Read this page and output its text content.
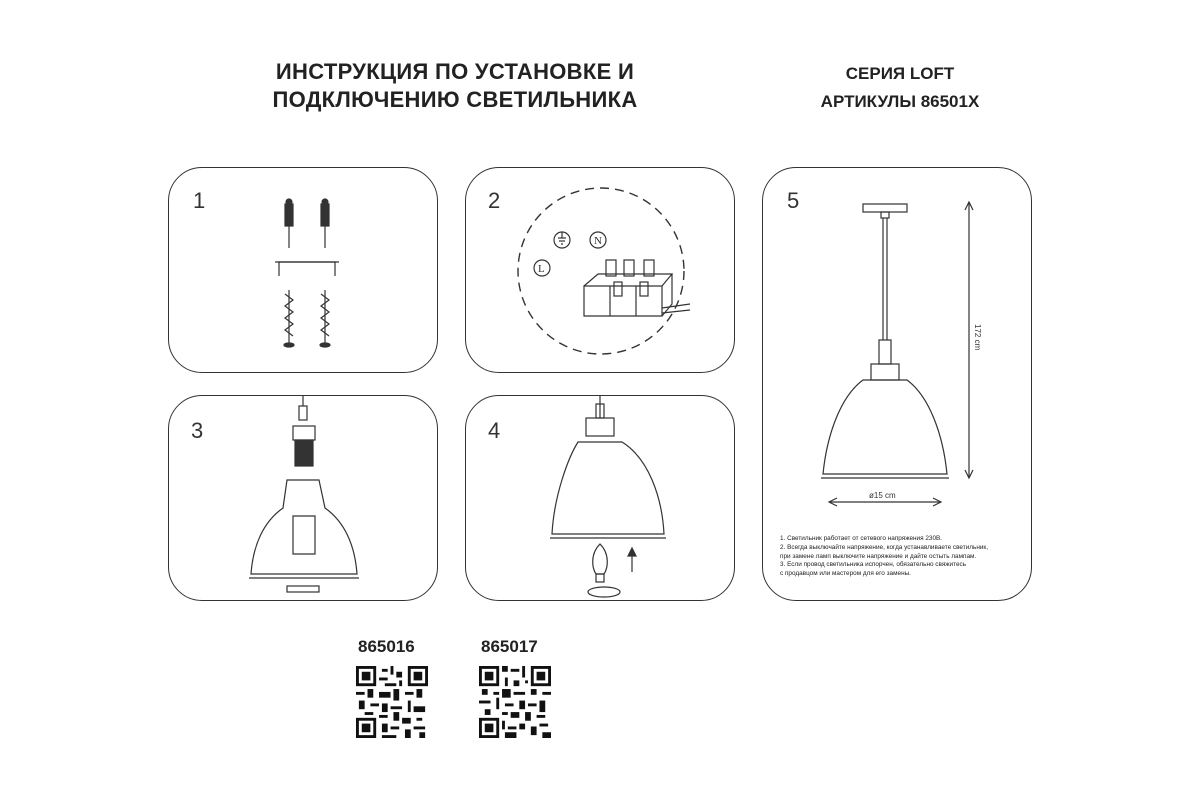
ИНСТРУКЦИЯ ПО УСТАНОВКЕ И
ПОДКЛЮЧЕНИЮ СВЕТИЛЬНИКА
СЕРИЯ LOFT
АРТИКУЛЫ 86501X
1	2
N
L
3	4
5
172 cm
ø15 cm
1. Светильник работает от сетевого напряжения 230В.
2. Всегда выключайте напряжение, когда устанавливаете светильник,
при замене ламп выключите напряжение и дайте остыть лампам.
3. Если провод светильника испорчен, обязательно свяжитесь
с продавцом или мастером для его замены.
865016	865017
